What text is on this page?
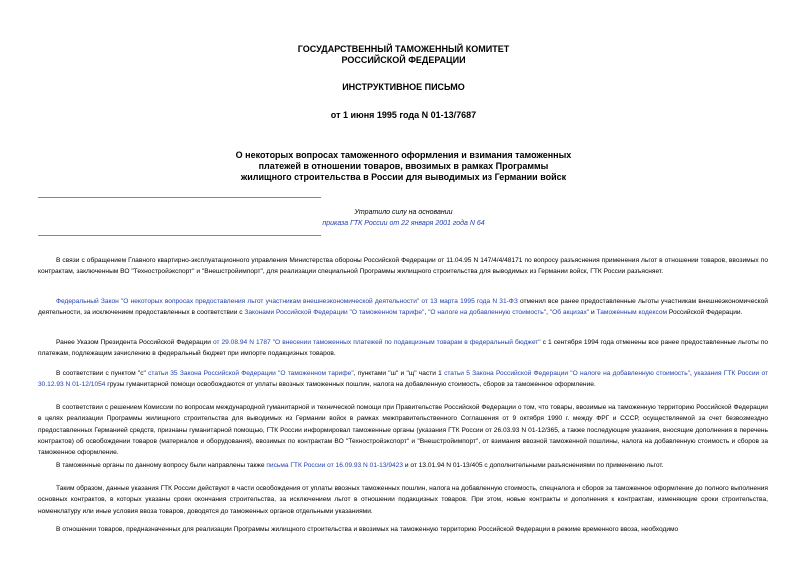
ГОСУДАРСТВЕННЫЙ ТАМОЖЕННЫЙ КОМИТЕТ
РОССИЙСКОЙ ФЕДЕРАЦИИ
ИНСТРУКТИВНОЕ ПИСЬМО
от 1 июня 1995 года N 01-13/7687
О некоторых вопросах таможенного оформления и взимания таможенных
платежей в отношении товаров, ввозимых в рамках Программы
жилищного строительства в России для выводимых из Германии войск
Утратило силу на основании
приказа ГТК России от 22 января 2001 года N 64

В связи с обращением Главного квартирно-эксплуатационного управления Министерства обороны Российской Федерации от 11.04.95 N 147/4/4/48171 по вопросу разъяснения применения льгот в отношении товаров, ввозимых по контрактам, заключенным ВО "Техностройэкспорт" и "Внешстройимпорт", для реализации специальной Программы жилищного строительства для выводимых из Германии войск, ГТК России разъясняет.

Федеральный Закон "О некоторых вопросах предоставления льгот участникам внешнеэкономической деятельности" от 13 марта 1995 года N 31-ФЗ отменил все ранее предоставленные льготы участникам внешнеэкономической деятельности, за исключением предоставленных в соответствии с Законами Российской Федерации "О таможенном тарифе", "О налоге на добавленную стоимость", "Об акцизах" и Таможенным кодексом Российской Федерации.

Ранее Указом Президента Российской Федерации от 29.08.94 N 1787 "О внесении таможенных платежей по подакцизным товарам в федеральный бюджет" с 1 сентября 1994 года отменены все ранее предоставленные льготы по платежам, подлежащим зачислению в федеральный бюджет при импорте подакцизных товаров.

В соответствии с пунктом "с" статьи 35 Закона Российской Федерации "О таможенном тарифе", пунктами "ш" и "щ" части 1 статьи 5 Закона Российской Федерации "О налоге на добавленную стоимость", указания ГТК России от 30.12.93 N 01-12/1054 грузы гуманитарной помощи освобождаются от уплаты ввозных таможенных пошлин, налога на добавленную стоимость, сборов за таможенное оформление.

В соответствии с решением Комиссии по вопросам международной гуманитарной и технической помощи при Правительстве Российской Федерации о том, что товары, ввозимые на таможенную территорию Российской Федерации в целях реализации Программы жилищного строительства для выводимых из Германии войск в рамках межправительственного Соглашения от 9 октября 1990 г. между ФРГ и СССР, осуществляемой за счет безвозмездно предоставленных Германией средств, признаны гуманитарной помощью, ГТК России информировал таможенные органы (указания ГТК России от 26.03.93 N 01-12/365, а также последующие указания, вносящие дополнения в перечень контрактов) об освобождении товаров (материалов и оборудования), ввозимых по контрактам ВО "Техностройэкспорт" и "Внешстройимпорт", от взимания ввозной таможенной пошлины, налога на добавленную стоимость и сборов за таможенное оформление.

В таможенные органы по данному вопросу были направлены также письма ГТК России от 16.09.93 N 01-13/9423 и от 13.01.94 N 01-13/405 с дополнительными разъяснениями по применению льгот.

Таким образом, данные указания ГТК России действуют в части освобождения от уплаты ввозных таможенных пошлин, налога на добавленную стоимость, спецналога и сборов за таможенное оформление до полного выполнения основных контрактов, в которых указаны сроки окончания строительства, за исключением льгот в отношении подакцизных товаров. При этом, новые контракты и дополнения к контрактам, изменяющие сроки строительства, номенклатуру или иные условия ввоза товаров, доводятся до таможенных органов отдельными указаниями.

В отношении товаров, предназначенных для реализации Программы жилищного строительства и ввозимых на таможенную территорию Российской Федерации в режиме временного ввоза, необходимо
